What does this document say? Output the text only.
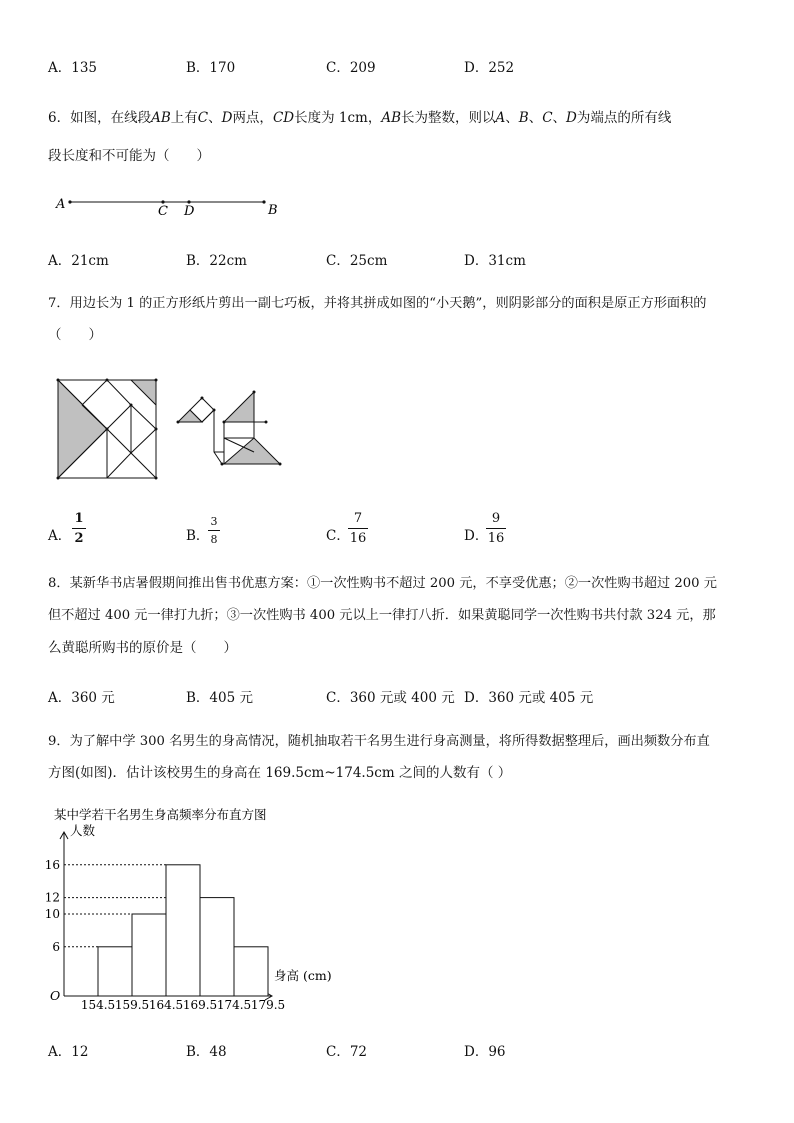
A．135	B．170	C．209	D．252
6．如图，在线段AB上有C、D两点，CD长度为 1cm，AB长为整数，则以A、B、C、D为端点的所有线
段长度和不可能为（　　）
A	C D	B
A．21cm	B．22cm	C．25cm	D．31cm
7．用边长为 1 的正方形纸片剪出一副七巧板，并将其拼成如图的“小天鹅”，则阴影部分的面积是原正方形面积的
（　　）
A．
1
2	B．
3
8	C．
7
16	D．
9
16
8．某新华书店暑假期间推出售书优惠方案：①一次性购书不超过 200 元，不享受优惠；②一次性购书超过 200 元
但不超过 400 元一律打九折；③一次性购书 400 元以上一律打八折．如果黄聪同学一次性购书共付款 324 元，那
么黄聪所购书的原价是（　　）
A．360 元	B．405 元	C．360 元或 400 元 D．360 元或 405 元
9．为了解中学 300 名男生的身高情况，随机抽取若干名男生进行身高测量，将所得数据整理后，画出频数分布直
方图(如图)．估计该校男生的身高在 169.5cm~174.5cm 之间的人数有（ ）
某中学若干名男生身高频率分布直方图
人数
身高 (cm)
O
6
10
12
16
154.5 159.5 164.5 169.5 174.5 179.5
A．12	B．48	C．72	D．96
